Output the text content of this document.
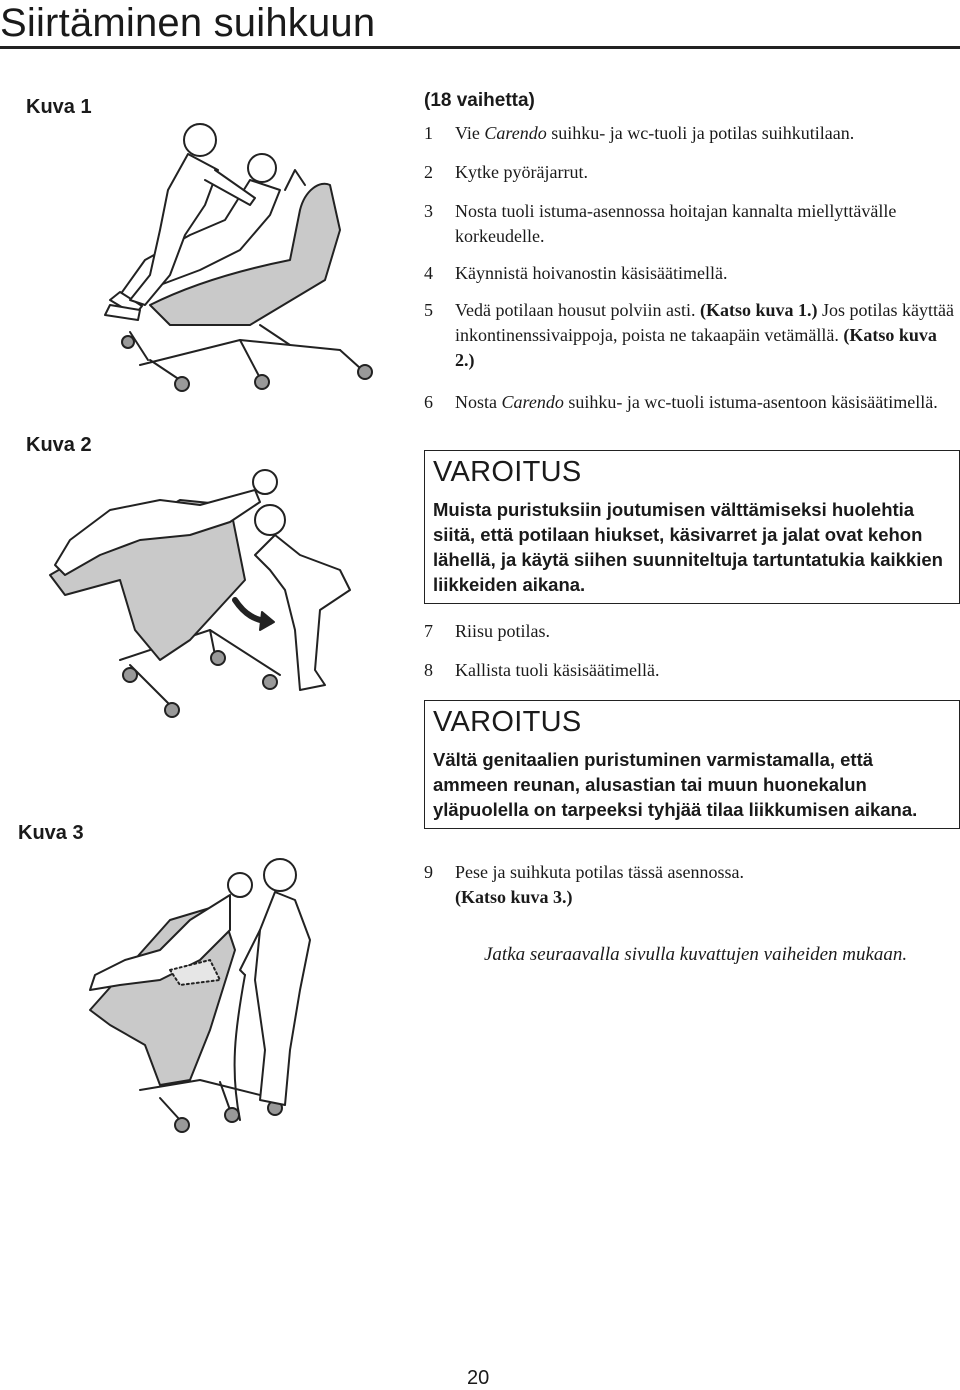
Siirtäminen suihkuun
Kuva 1
Kuva 2
Kuva 3

(18 vaihetta)

1	Vie Carendo suihku- ja wc-tuoli ja potilas suihkutilaan.
2	Kytke pyöräjarrut.
3	Nosta tuoli istuma-asennossa hoitajan kannalta miellyttävälle korkeudelle.
4	Käynnistä hoivanostin käsisäätimellä.
5	Vedä potilaan housut polviin asti. (Katso kuva 1.) Jos potilas käyttää inkontinenssivaippoja, poista ne takaapäin vetämällä. (Katso kuva 2.)
6	Nosta Carendo suihku- ja wc-tuoli istuma-asentoon käsisäätimellä.

VAROITUS

Muista puristuksiin joutumisen välttämiseksi huolehtia siitä, että potilaan hiukset, käsivarret ja jalat ovat kehon lähellä, ja käytä siihen suunniteltuja tartuntatukia kaikkien liikkeiden aikana.

7	Riisu potilas.
8	Kallista tuoli käsisäätimellä.

VAROITUS

Vältä genitaalien puristuminen varmistamalla, että ammeen reunan, alusastian tai muun huonekalun yläpuolella on tarpeeksi tyhjää tilaa liikkumisen aikana.

9	Pese ja suihkuta potilas tässä asennossa.
(Katso kuva 3.)
Jatka seuraavalla sivulla kuvattujen vaiheiden mukaan.
20
